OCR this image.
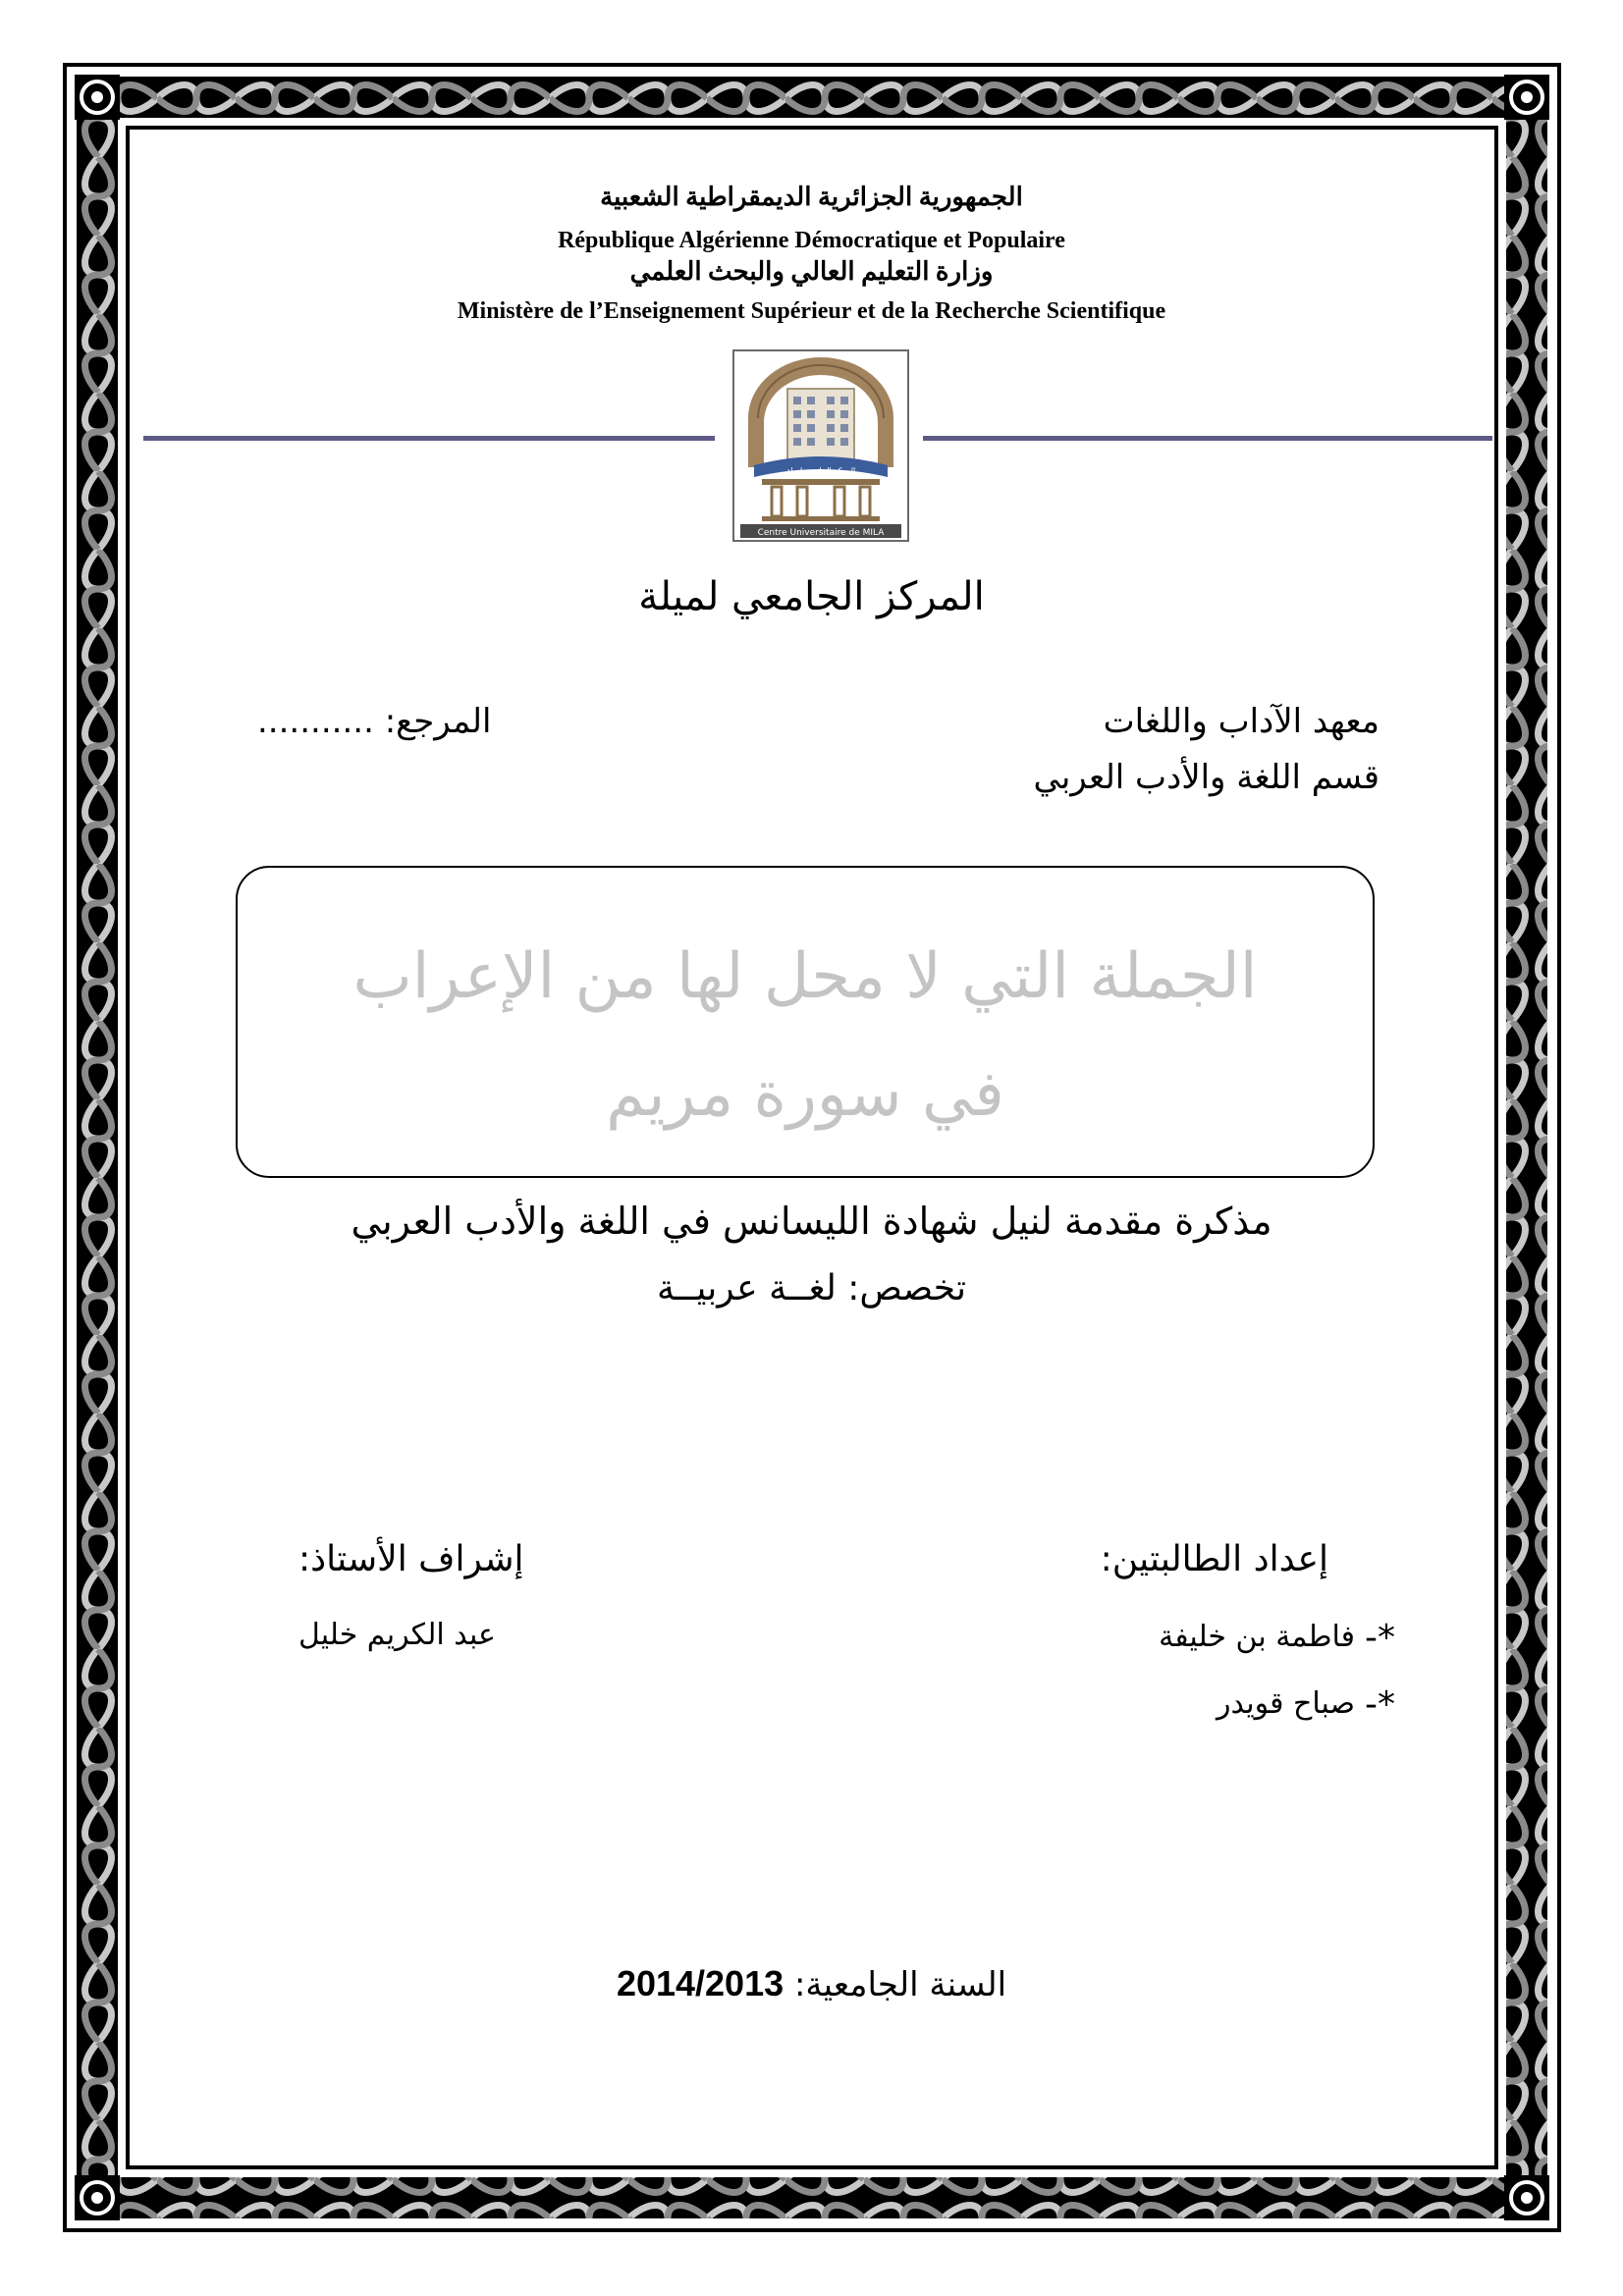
ﺍﻟﺠﻤﻬﻮﺭﻳﺔ ﺍﻟﺠﺰﺍﺋﺮﻳﺔ ﺍﻟﺪﻳﻤﻘﺮﺍﻃﻴﺔ ﺍﻟﺸﻌﺒﻴﺔ
République Algérienne Démocratique et Populaire
ﻭﺯﺍﺭﺓ ﺍﻟﺘﻌﻠﻴﻢ ﺍﻟﻌﺎﻟﻲ ﻭﺍﻟﺒﺤﺚ ﺍﻟﻌﻠﻤﻲ
Ministère de l’Enseignement Supérieur et de la Recherche Scientifique
المركز الجامعي لميلة
Centre Universitaire de MILA
المركز الجامعي لميلة
معهد الآداب واللغات
قسم اللغة والأدب العربي
المرجع: ...........
الجملة التي لا محل لها من الإعراب
في سورة مريم
مذكرة مقدمة لنيل شهادة الليسانس في اللغة والأدب العربي
تخصص: لغــة عربيــة
إعداد الطالبتين:
*-فاطمة بن خليفة
*-صباح قويدر
إشراف الأستاذ:
عبد الكريم خليل
السنة الجامعية: 2014/2013
